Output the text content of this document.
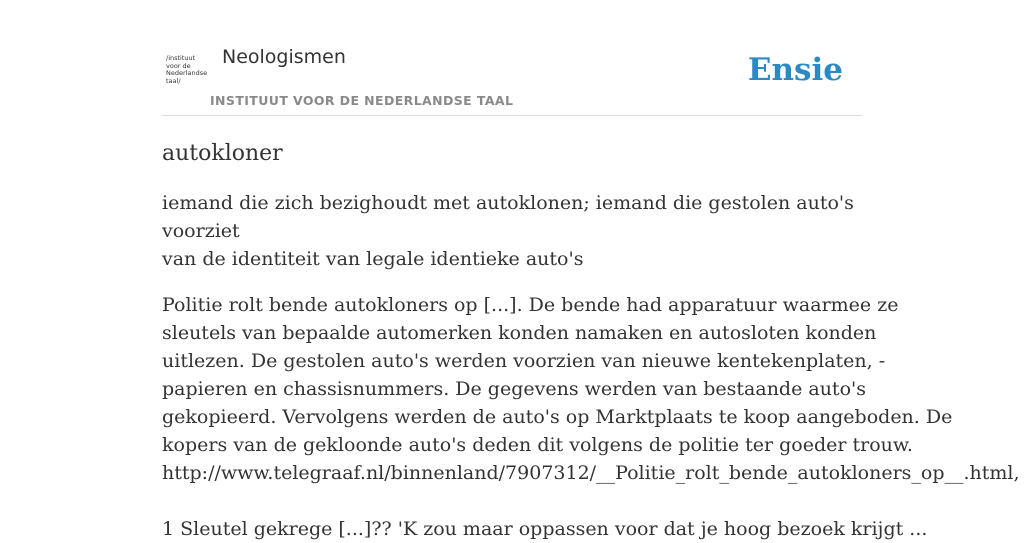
/instituut
voor de
Nederlandse
taal/
Neologismen
INSTITUUT VOOR DE NEDERLANDSE TAAL
Ensie
autokloner

iemand die zich bezighoudt met autoklonen; iemand die gestolen auto's voorziet
van de identiteit van legale identieke auto's

Politie rolt bende autokloners op [...]. De bende had apparatuur waarmee ze
sleutels van bepaalde automerken konden namaken en autosloten konden
uitlezen. De gestolen auto's werden voorzien van nieuwe kentekenplaten, -
papieren en chassisnummers. De gegevens werden van bestaande auto's
gekopieerd. Vervolgens werden de auto's op Marktplaats te koop aangeboden. De
kopers van de gekloonde auto's deden dit volgens de politie ter goeder trouw.
http://www.telegraaf.nl/binnenland/7907312/__Politie_rolt_bende_autokloners_op__.html,
1 Sleutel gekrege [...]?? 'K zou maar oppassen voor dat je hoog bezoek krijgt ...
